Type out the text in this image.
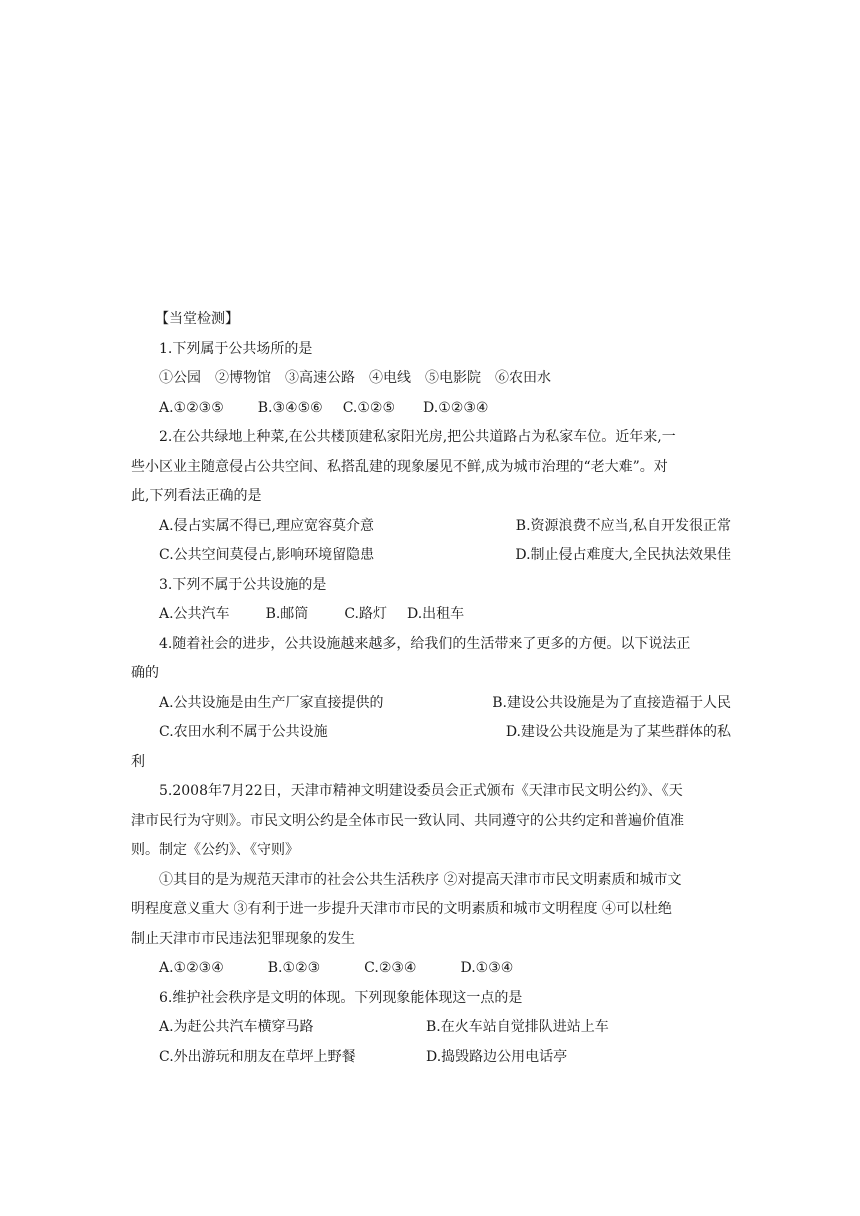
【当堂检测】
1.下列属于公共场所的是
①公园 ②博物馆 ③高速公路 ④电线 ⑤电影院 ⑥农田水
A.①②③⑤ B.③④⑤⑥ C.①②⑤ D.①②③④
2.在公共绿地上种菜,在公共楼顶建私家阳光房,把公共道路占为私家车位。近年来,一
些小区业主随意侵占公共空间、私搭乱建的现象屡见不鲜,成为城市治理的“老大难”。对
此,下列看法正确的是
A.侵占实属不得已,理应宽容莫介意	B.资源浪费不应当,私自开发很正常
C.公共空间莫侵占,影响环境留隐患	D.制止侵占难度大,全民执法效果佳
3.下列不属于公共设施的是
A.公共汽车	B.邮筒	C.路灯 D.出租车
4.随着社会的进步，公共设施越来越多，给我们的生活带来了更多的方便。以下说法正
确的
A.公共设施是由生产厂家直接提供的	B.建设公共设施是为了直接造福于人民
C.农田水利不属于公共设施	D.建设公共设施是为了某些群体的私
利
5.2008年7月22日，天津市精神文明建设委员会正式颁布《天津市民文明公约》、《天
津市民行为守则》。市民文明公约是全体市民一致认同、共同遵守的公共约定和普遍价值准
则。制定《公约》、《守则》
①其目的是为规范天津市的社会公共生活秩序 ②对提高天津市市民文明素质和城市文
明程度意义重大 ③有利于进一步提升天津市市民的文明素质和城市文明程度 ④可以杜绝
制止天津市市民违法犯罪现象的发生
A.①②③④	B.①②③	C.②③④	D.①③④
6.维护社会秩序是文明的体现。下列现象能体现这一点的是
A.为赶公共汽车横穿马路	B.在火车站自觉排队进站上车
C.外出游玩和朋友在草坪上野餐	D.捣毁路边公用电话亭
